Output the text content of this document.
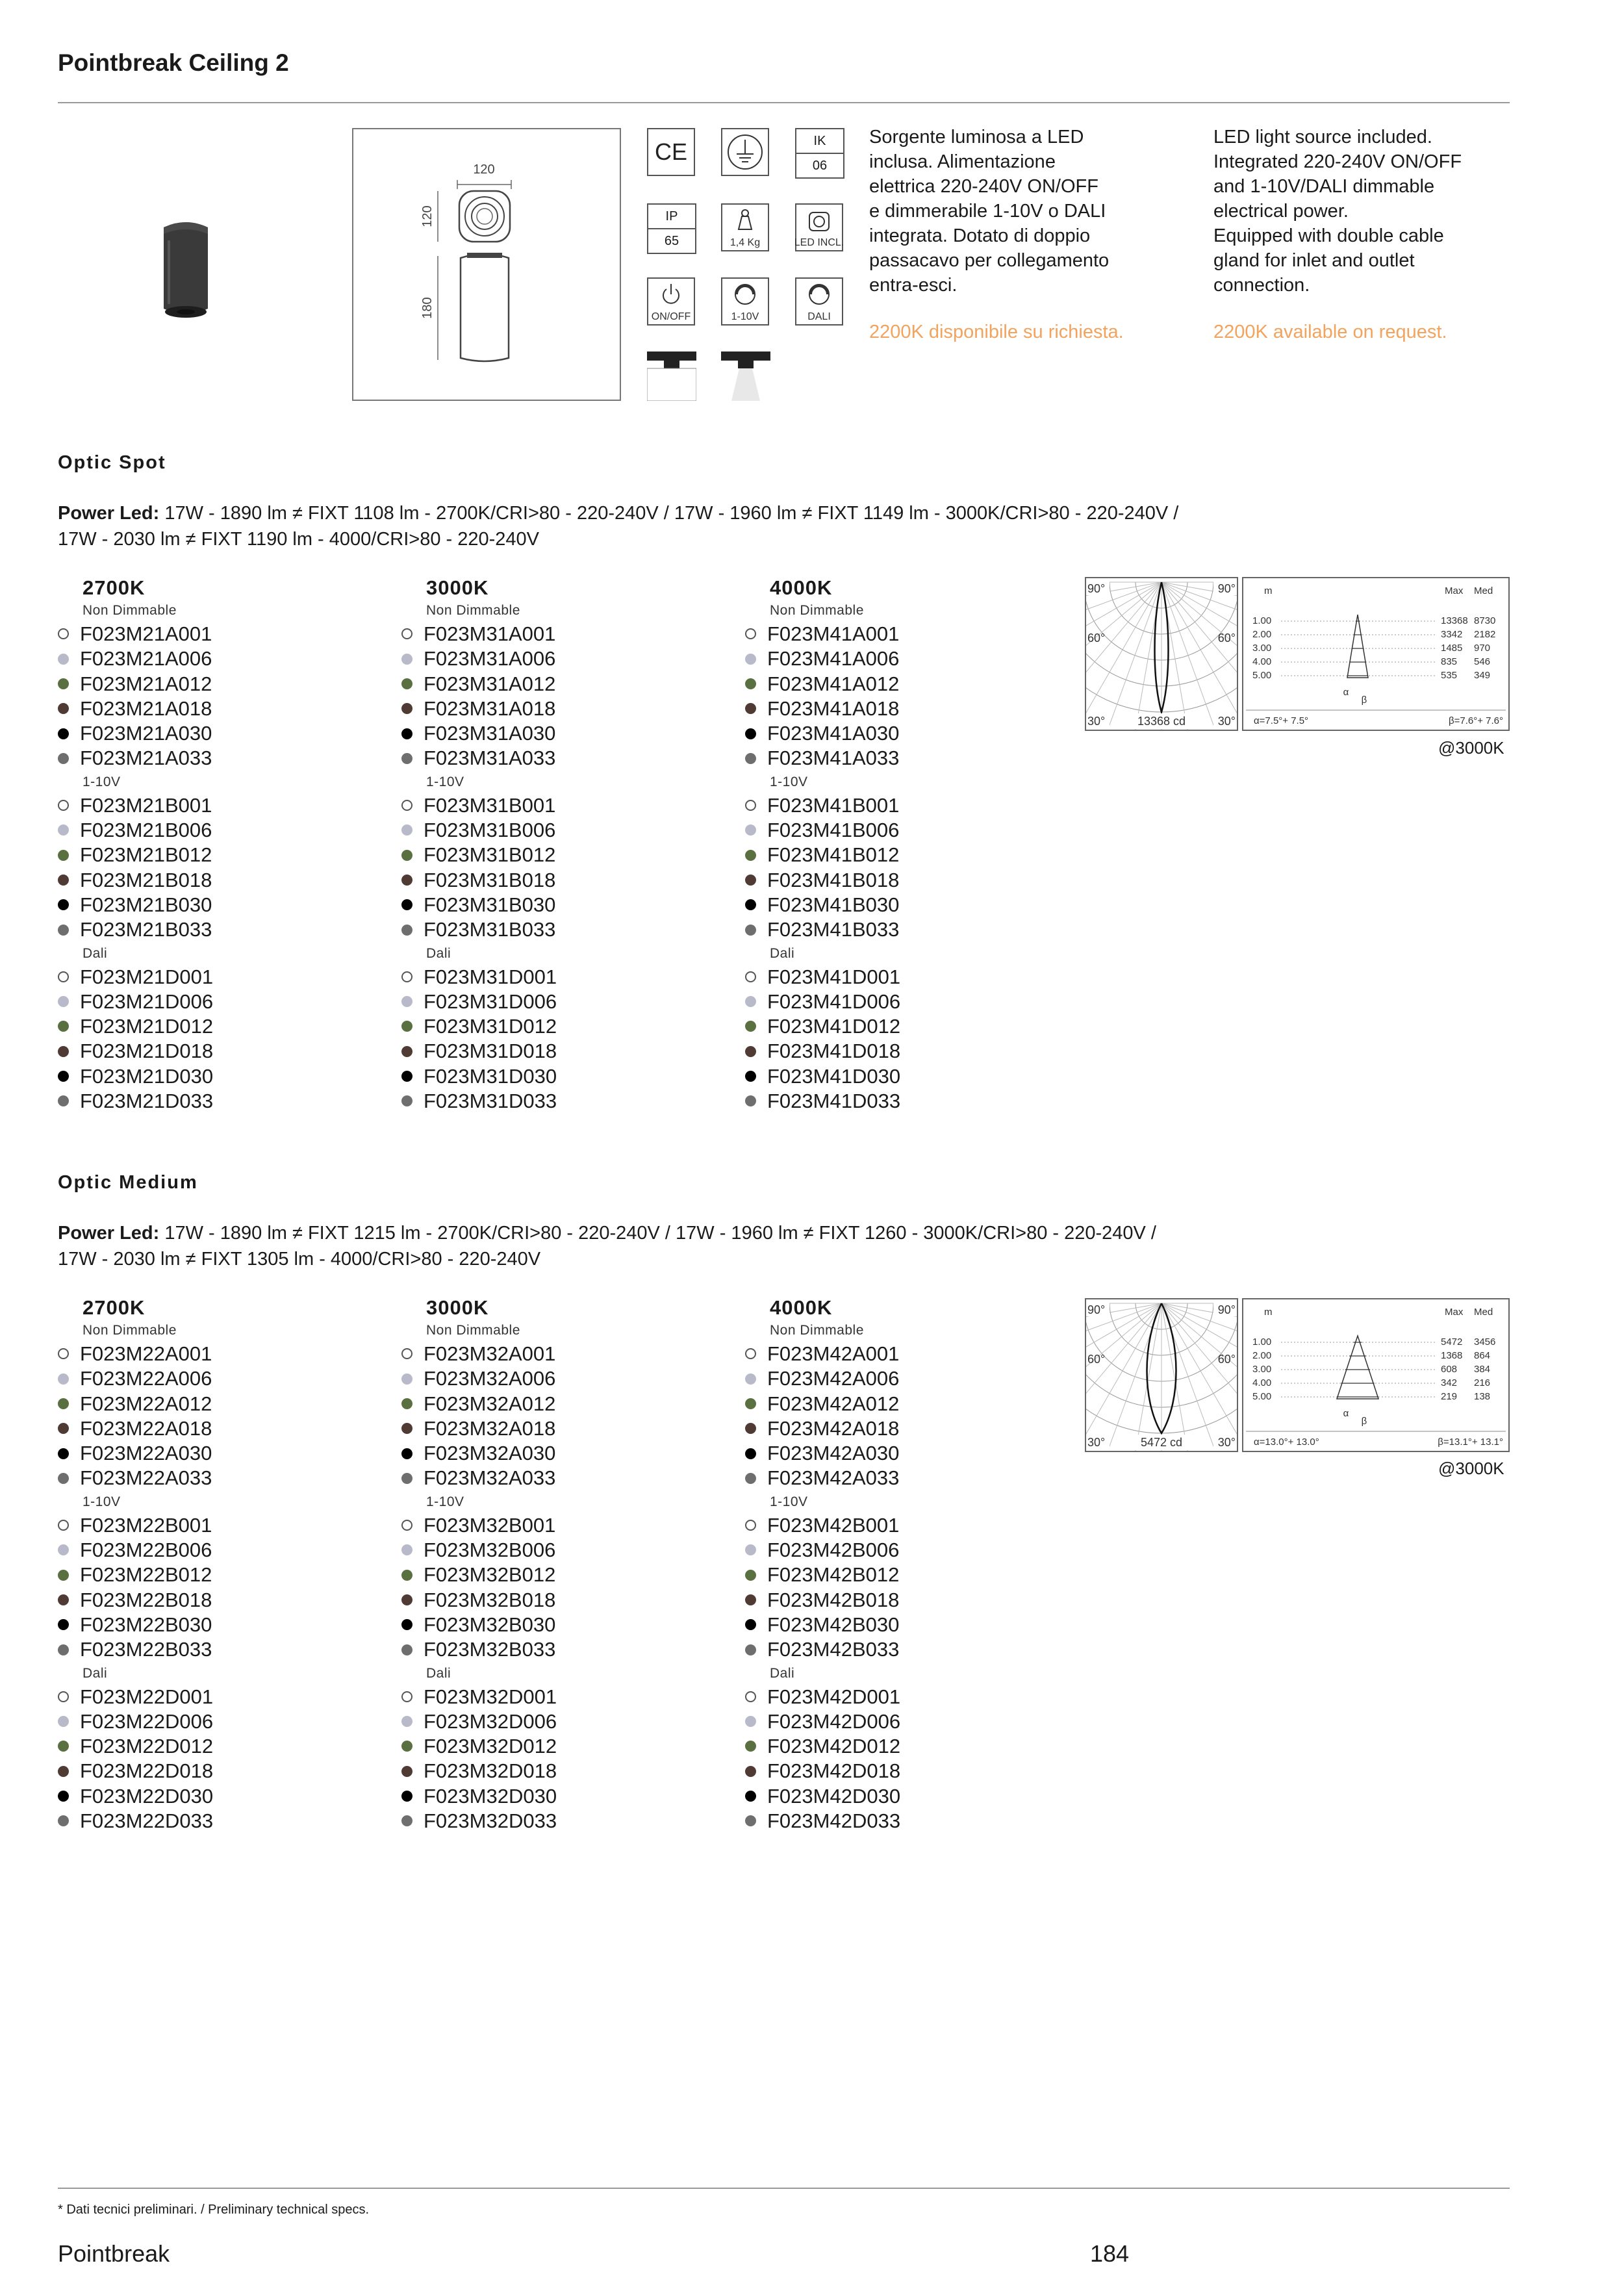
Pointbreak Ceiling 2
120
120
180
CE	IK
06
IP
65	1,4 Kg	LED INCL.
ON/OFF	1-10V	DALI
Sorgente luminosa a LED
inclusa. Alimentazione
elettrica 220-240V ON/OFF
e dimmerabile 1-10V o DALI
integrata. Dotato di doppio
passacavo per collegamento
entra-esci.
2200K disponibile su richiesta.
LED light source included.
Integrated 220-240V ON/OFF
and 1-10V/DALI dimmable
electrical power.
Equipped with double cable
gland for inlet and outlet
connection.
2200K available on request.
Optic Spot
Power Led: 17W - 1890 lm ≠ FIXT 1108 lm - 2700K/CRI>80 - 220-240V / 17W - 1960 lm ≠ FIXT 1149 lm - 3000K/CRI>80 - 220-240V /
17W - 2030 lm ≠ FIXT 1190 lm - 4000/CRI>80 - 220-240V
2700K
Non Dimmable
F023M21A001
F023M21A006
F023M21A012
F023M21A018
F023M21A030
F023M21A033
1-10V
F023M21B001
F023M21B006
F023M21B012
F023M21B018
F023M21B030
F023M21B033
Dali
F023M21D001
F023M21D006
F023M21D012
F023M21D018
F023M21D030
F023M21D033
3000K
Non Dimmable
F023M31A001
F023M31A006
F023M31A012
F023M31A018
F023M31A030
F023M31A033
1-10V
F023M31B001
F023M31B006
F023M31B012
F023M31B018
F023M31B030
F023M31B033
Dali
F023M31D001
F023M31D006
F023M31D012
F023M31D018
F023M31D030
F023M31D033
4000K
Non Dimmable
F023M41A001
F023M41A006
F023M41A012
F023M41A018
F023M41A030
F023M41A033
1-10V
F023M41B001
F023M41B006
F023M41B012
F023M41B018
F023M41B030
F023M41B033
Dali
F023M41D001
F023M41D006
F023M41D012
F023M41D018
F023M41D030
F023M41D033
90°	90°
60°	60°
30°	30°
13368 cd
m	Max Med
1.00	13368 8730
2.00	3342 2182
3.00	1485 970
4.00	835 546
5.00	535 349
α
β
α=7.5°+ 7.5°	β=7.6°+ 7.6°
@3000K
Optic Medium
Power Led: 17W - 1890 lm ≠ FIXT 1215 lm - 2700K/CRI>80 - 220-240V / 17W - 1960 lm ≠ FIXT 1260 - 3000K/CRI>80 - 220-240V /
17W - 2030 lm ≠ FIXT 1305 lm - 4000/CRI>80 - 220-240V
2700K
Non Dimmable
F023M22A001
F023M22A006
F023M22A012
F023M22A018
F023M22A030
F023M22A033
1-10V
F023M22B001
F023M22B006
F023M22B012
F023M22B018
F023M22B030
F023M22B033
Dali
F023M22D001
F023M22D006
F023M22D012
F023M22D018
F023M22D030
F023M22D033
3000K
Non Dimmable
F023M32A001
F023M32A006
F023M32A012
F023M32A018
F023M32A030
F023M32A033
1-10V
F023M32B001
F023M32B006
F023M32B012
F023M32B018
F023M32B030
F023M32B033
Dali
F023M32D001
F023M32D006
F023M32D012
F023M32D018
F023M32D030
F023M32D033
4000K
Non Dimmable
F023M42A001
F023M42A006
F023M42A012
F023M42A018
F023M42A030
F023M42A033
1-10V
F023M42B001
F023M42B006
F023M42B012
F023M42B018
F023M42B030
F023M42B033
Dali
F023M42D001
F023M42D006
F023M42D012
F023M42D018
F023M42D030
F023M42D033
90°	90°
60°	60°
30°	30°
5472 cd
m	Max Med
1.00	5472 3456
2.00	1368 864
3.00	608 384
4.00	342 216
5.00	219 138
α
β
α=13.0°+ 13.0°	β=13.1°+ 13.1°
@3000K
* Dati tecnici preliminari. / Preliminary technical specs.
Pointbreak	184
